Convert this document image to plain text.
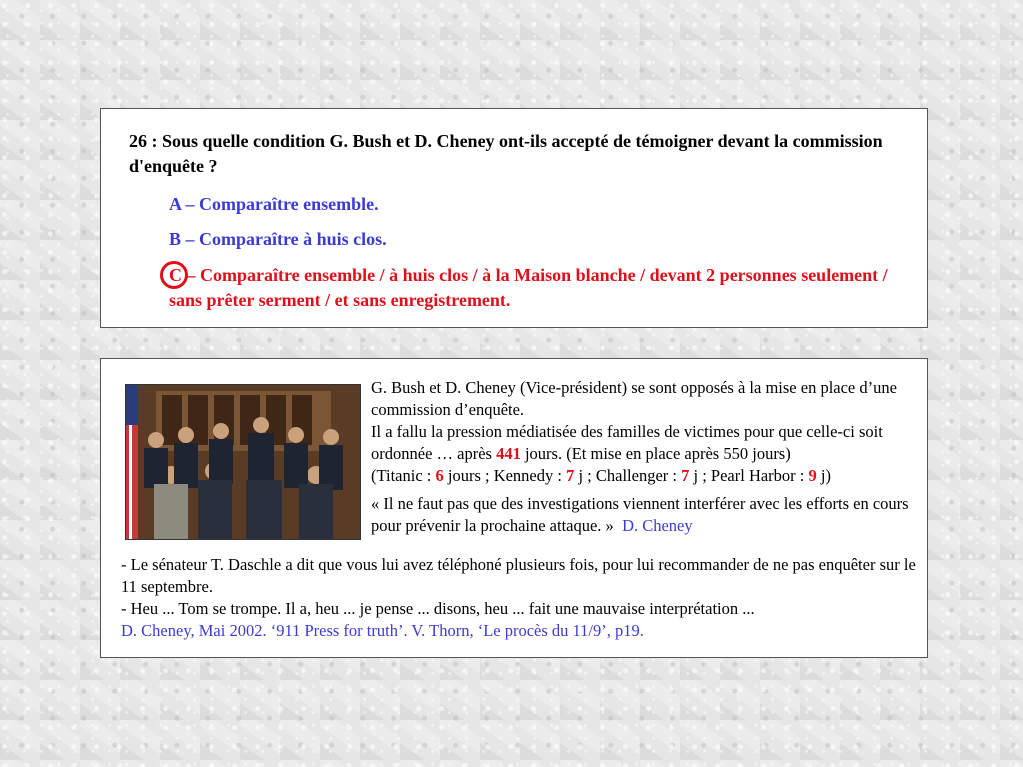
26 : Sous quelle condition G. Bush et D. Cheney ont-ils accepté de témoigner devant la commission d'enquête ?
A – Comparaître ensemble.
B – Comparaître à huis clos.
C – Comparaître ensemble / à huis clos / à la Maison blanche / devant 2 personnes seulement / sans prêter serment / et sans enregistrement.

G. Bush et D. Cheney (Vice-président) se sont opposés à la mise en place d’une commission d’enquête.

Il a fallu la pression médiatisée des familles de victimes pour que celle-ci soit ordonnée … après 441 jours. (Et mise en place après 550 jours)

(Titanic : 6 jours ; Kennedy : 7 j ; Challenger : 7 j ; Pearl Harbor : 9 j)

« Il ne faut pas que des investigations viennent interférer avec les efforts en cours pour prévenir la prochaine attaque. » D. Cheney

- Le sénateur T. Daschle a dit que vous lui avez téléphoné plusieurs fois, pour lui recommander de ne pas enquêter sur le 11 septembre.

- Heu ... Tom se trompe. Il a, heu ... je pense ... disons, heu ... fait une mauvaise interprétation ...

D. Cheney, Mai 2002. ‘911 Press for truth’. V. Thorn, ‘Le procès du 11/9’, p19.
